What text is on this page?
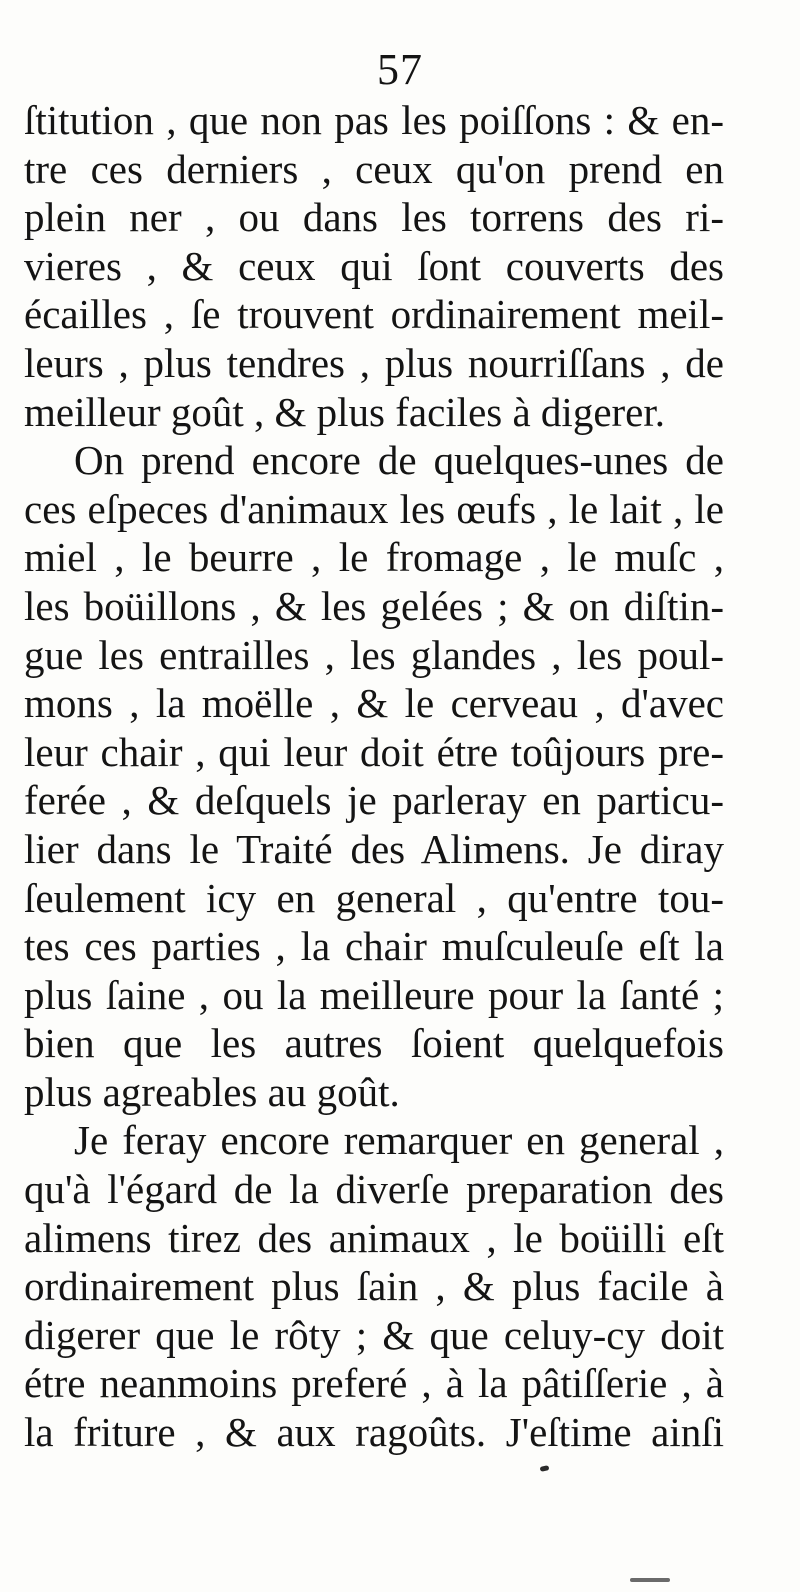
57
ſtitution , que non pas les poiſſons : & en-
tre ces derniers , ceux qu'on prend en
plein ner , ou dans les torrens des ri-
vieres , & ceux qui ſont couverts des
écailles , ſe trouvent ordinairement meil-
leurs , plus tendres , plus nourriſſans , de
meilleur goût , & plus faciles à digerer.
On prend encore de quelques-unes de
ces eſpeces d'animaux les œufs , le lait , le
miel , le beurre , le fromage , le muſc ,
les boüillons , & les gelées ; & on diſtin-
gue les entrailles , les glandes , les poul-
mons , la moëlle , & le cerveau , d'avec
leur chair , qui leur doit étre toûjours pre-
ferée , & deſquels je parleray en particu-
lier dans le Traité des Alimens. Je diray
ſeulement icy en general , qu'entre tou-
tes ces parties , la chair muſculeuſe eſt la
plus ſaine , ou la meilleure pour la ſanté ;
bien que les autres ſoient quelquefois
plus agreables au goût.
Je feray encore remarquer en general ,
qu'à l'égard de la diverſe preparation des
alimens tirez des animaux , le boüilli eſt
ordinairement plus ſain , & plus facile à
digerer que le rôty ; & que celuy-cy doit
étre neanmoins preferé , à la pâtiſſerie , à
la friture , & aux ragoûts. J'eſtime ainſi
